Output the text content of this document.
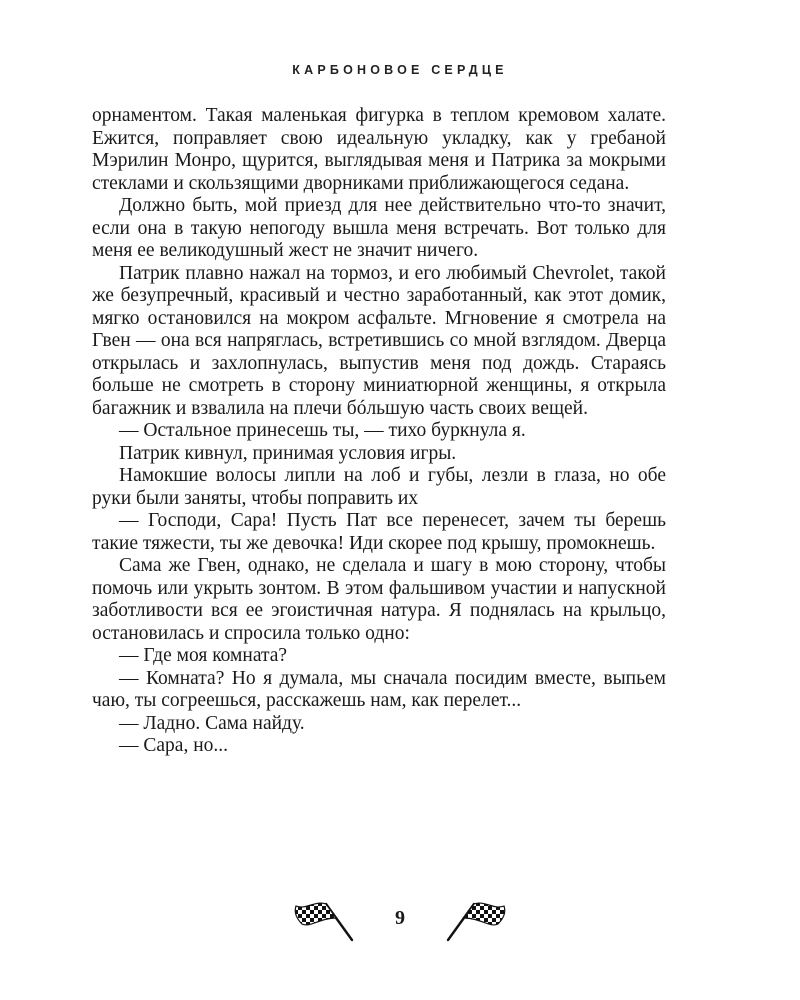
КАРБОНОВОЕ СЕРДЦЕ

орнаментом. Такая маленькая фигурка в теплом кремовом халате. Ежится, поправляет свою идеальную укладку, как у гребаной Мэрилин Монро, щурится, выглядывая меня и Патрика за мокрыми стеклами и скользящими дворниками приближающегося седана.

Должно быть, мой приезд для нее действительно что-то значит, если она в такую непогоду вышла меня встречать. Вот только для меня ее великодушный жест не значит ничего.

Патрик плавно нажал на тормоз, и его любимый Chevrolet, такой же безупречный, красивый и честно заработанный, как этот домик, мягко остановился на мокром асфальте. Мгновение я смотрела на Гвен — она вся напряглась, встретившись со мной взглядом. Дверца открылась и захлопнулась, выпустив меня под дождь. Стараясь больше не смотреть в сторону миниатюрной женщины, я открыла багажник и взвалила на плечи бóльшую часть своих вещей.

— Остальное принесешь ты, — тихо буркнула я.

Патрик кивнул, принимая условия игры.

Намокшие волосы липли на лоб и губы, лезли в глаза, но обе руки были заняты, чтобы поправить их

— Господи, Сара! Пусть Пат все перенесет, зачем ты берешь такие тяжести, ты же девочка! Иди скорее под крышу, промокнешь.

Сама же Гвен, однако, не сделала и шагу в мою сторону, чтобы помочь или укрыть зонтом. В этом фальшивом участии и напускной заботливости вся ее эгоистичная натура. Я поднялась на крыльцо, остановилась и спросила только одно:

— Где моя комната?

— Комната? Но я думала, мы сначала посидим вместе, выпьем чаю, ты согреешься, расскажешь нам, как перелет...

— Ладно. Сама найду.

— Сара, но...

9
